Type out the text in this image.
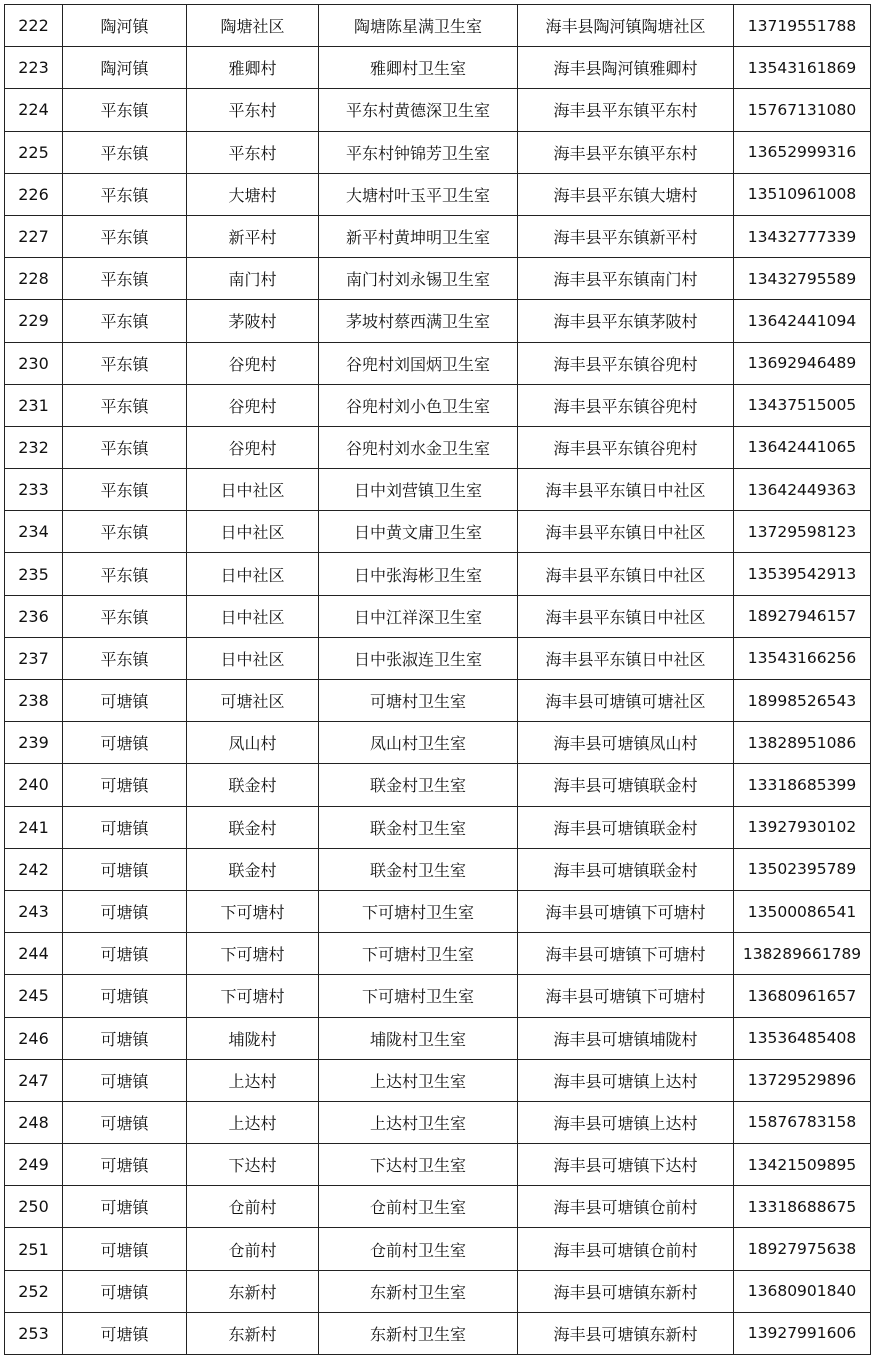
222	陶河镇	陶塘社区	陶塘陈星满卫生室	海丰县陶河镇陶塘社区	13719551788
223	陶河镇	雅卿村	雅卿村卫生室	海丰县陶河镇雅卿村	13543161869
224	平东镇	平东村	平东村黄德深卫生室	海丰县平东镇平东村	15767131080
225	平东镇	平东村	平东村钟锦芳卫生室	海丰县平东镇平东村	13652999316
226	平东镇	大塘村	大塘村叶玉平卫生室	海丰县平东镇大塘村	13510961008
227	平东镇	新平村	新平村黄坤明卫生室	海丰县平东镇新平村	13432777339
228	平东镇	南门村	南门村刘永锡卫生室	海丰县平东镇南门村	13432795589
229	平东镇	茅陂村	茅坡村蔡西满卫生室	海丰县平东镇茅陂村	13642441094
230	平东镇	谷兜村	谷兜村刘国炳卫生室	海丰县平东镇谷兜村	13692946489
231	平东镇	谷兜村	谷兜村刘小色卫生室	海丰县平东镇谷兜村	13437515005
232	平东镇	谷兜村	谷兜村刘水金卫生室	海丰县平东镇谷兜村	13642441065
233	平东镇	日中社区	日中刘营镇卫生室	海丰县平东镇日中社区	13642449363
234	平东镇	日中社区	日中黄文庸卫生室	海丰县平东镇日中社区	13729598123
235	平东镇	日中社区	日中张海彬卫生室	海丰县平东镇日中社区	13539542913
236	平东镇	日中社区	日中江祥深卫生室	海丰县平东镇日中社区	18927946157
237	平东镇	日中社区	日中张淑连卫生室	海丰县平东镇日中社区	13543166256
238	可塘镇	可塘社区	可塘村卫生室	海丰县可塘镇可塘社区	18998526543
239	可塘镇	凤山村	凤山村卫生室	海丰县可塘镇凤山村	13828951086
240	可塘镇	联金村	联金村卫生室	海丰县可塘镇联金村	13318685399
241	可塘镇	联金村	联金村卫生室	海丰县可塘镇联金村	13927930102
242	可塘镇	联金村	联金村卫生室	海丰县可塘镇联金村	13502395789
243	可塘镇	下可塘村	下可塘村卫生室	海丰县可塘镇下可塘村	13500086541
244	可塘镇	下可塘村	下可塘村卫生室	海丰县可塘镇下可塘村	138289661789
245	可塘镇	下可塘村	下可塘村卫生室	海丰县可塘镇下可塘村	13680961657
246	可塘镇	埔陇村	埔陇村卫生室	海丰县可塘镇埔陇村	13536485408
247	可塘镇	上达村	上达村卫生室	海丰县可塘镇上达村	13729529896
248	可塘镇	上达村	上达村卫生室	海丰县可塘镇上达村	15876783158
249	可塘镇	下达村	下达村卫生室	海丰县可塘镇下达村	13421509895
250	可塘镇	仓前村	仓前村卫生室	海丰县可塘镇仓前村	13318688675
251	可塘镇	仓前村	仓前村卫生室	海丰县可塘镇仓前村	18927975638
252	可塘镇	东新村	东新村卫生室	海丰县可塘镇东新村	13680901840
253	可塘镇	东新村	东新村卫生室	海丰县可塘镇东新村	13927991606
